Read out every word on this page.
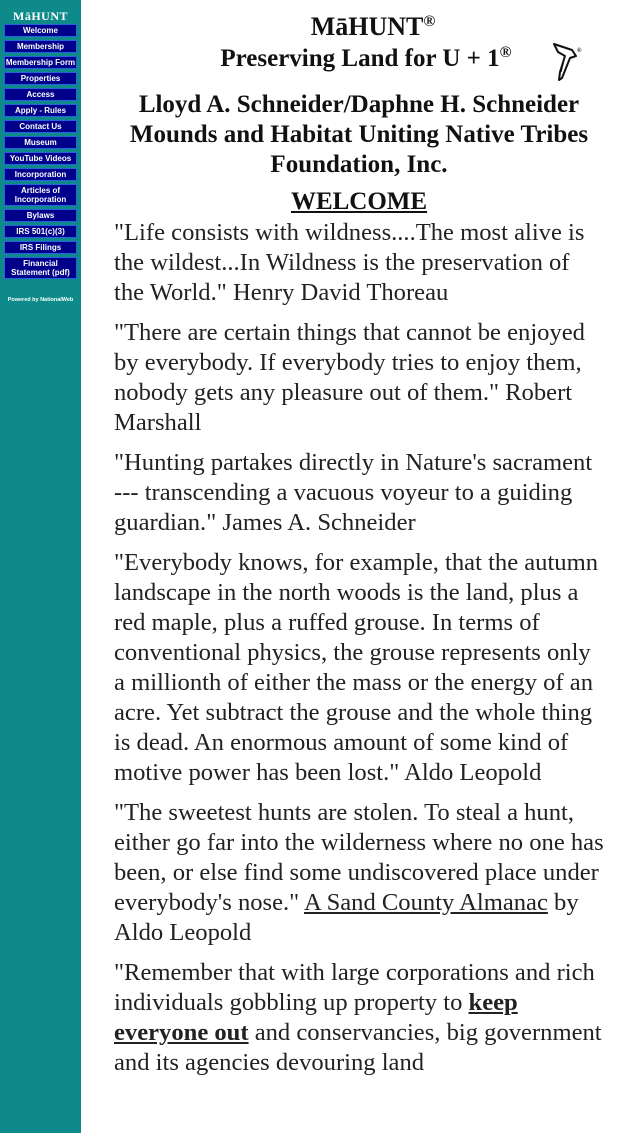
MāHUNT
Welcome
Membership
Membership Form
Properties
Access
Apply - Rules
Contact Us
Museum
YouTube Videos
Incorporation
Articles of Incorporation
Bylaws
IRS 501(c)(3)
IRS Filings
Financial Statement (pdf)
Powered by NationalWeb
MāHUNT®
Preserving Land for U + 1®	®
Lloyd A. Schneider/Daphne H. Schneider Mounds and Habitat Uniting Native Tribes Foundation, Inc.
WELCOME

"Life consists with wildness....The most alive is the wildest...In Wildness is the preservation of the World." Henry David Thoreau

"There are certain things that cannot be enjoyed by everybody. If everybody tries to enjoy them, nobody gets any pleasure out of them." Robert Marshall

"Hunting partakes directly in Nature's sacrament --- transcending a vacuous voyeur to a guiding guardian." James A. Schneider

"Everybody knows, for example, that the autumn landscape in the north woods is the land, plus a red maple, plus a ruffed grouse. In terms of conventional physics, the grouse represents only a millionth of either the mass or the energy of an acre. Yet subtract the grouse and the whole thing is dead. An enormous amount of some kind of motive power has been lost." Aldo Leopold

"The sweetest hunts are stolen. To steal a hunt, either go far into the wilderness where no one has been, or else find some undiscovered place under everybody's nose." A Sand County Almanac by Aldo Leopold

"Remember that with large corporations and rich individuals gobbling up property to keep everyone out and conservancies, big government and its agencies devouring land
